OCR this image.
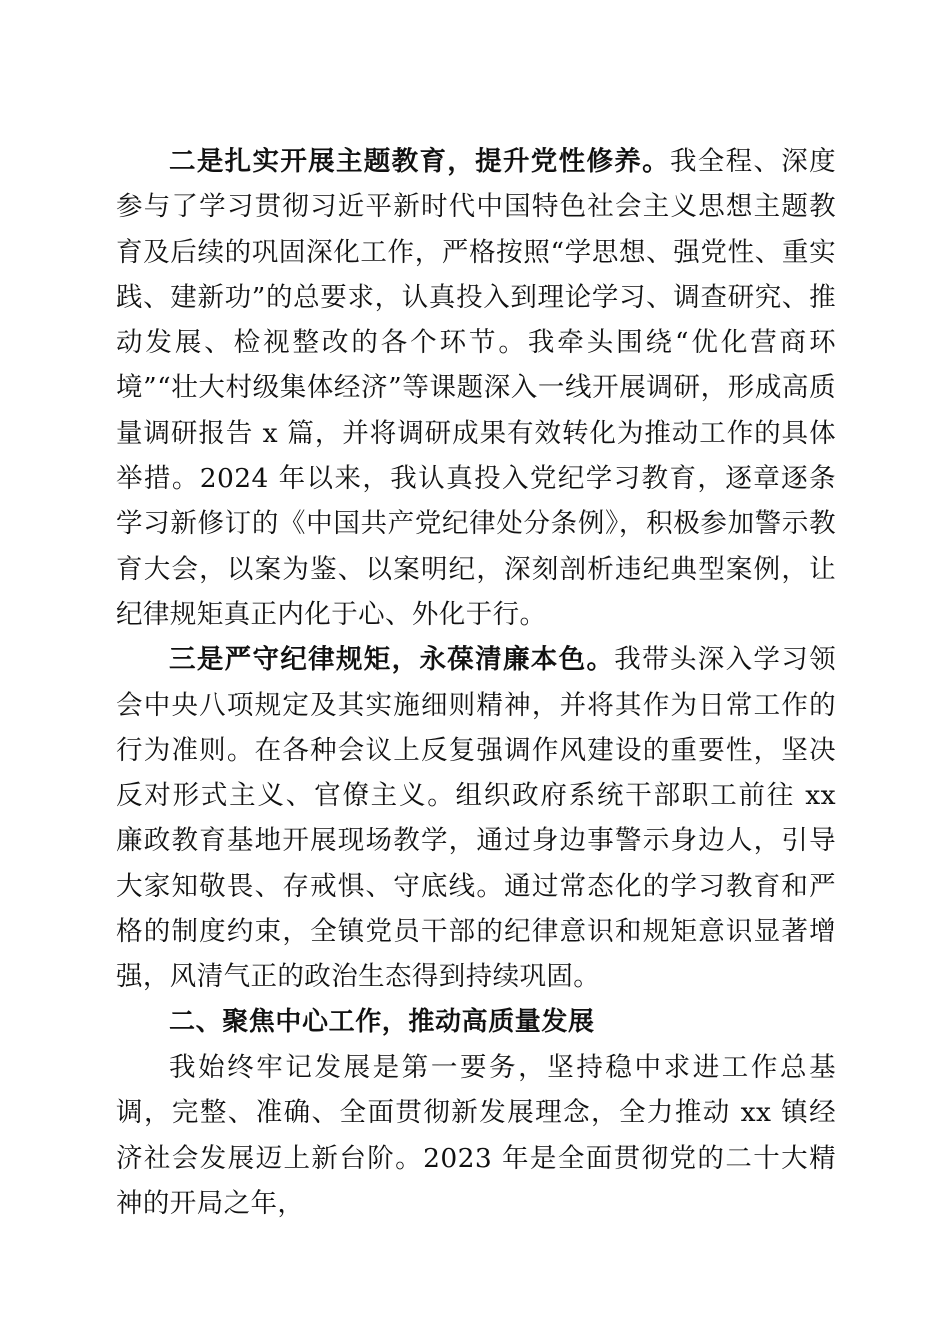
二是扎实开展主题教育，提升党性修养。我全程、深度参与了学习贯彻习近平新时代中国特色社会主义思想主题教育及后续的巩固深化工作，严格按照“学思想、强党性、重实践、建新功”的总要求，认真投入到理论学习、调查研究、推动发展、检视整改的各个环节。我牵头围绕“优化营商环境”“壮大村级集体经济”等课题深入一线开展调研，形成高质量调研报告 x 篇，并将调研成果有效转化为推动工作的具体举措。2024 年以来，我认真投入党纪学习教育，逐章逐条学习新修订的《中国共产党纪律处分条例》，积极参加警示教育大会，以案为鉴、以案明纪，深刻剖析违纪典型案例，让纪律规矩真正内化于心、外化于行。

三是严守纪律规矩，永葆清廉本色。我带头深入学习领会中央八项规定及其实施细则精神，并将其作为日常工作的行为准则。在各种会议上反复强调作风建设的重要性，坚决反对形式主义、官僚主义。组织政府系统干部职工前往 xx 廉政教育基地开展现场教学，通过身边事警示身边人，引导大家知敬畏、存戒惧、守底线。通过常态化的学习教育和严格的制度约束，全镇党员干部的纪律意识和规矩意识显著增强，风清气正的政治生态得到持续巩固。

二、聚焦中心工作，推动高质量发展

我始终牢记发展是第一要务，坚持稳中求进工作总基调，完整、准确、全面贯彻新发展理念，全力推动 xx 镇经济社会发展迈上新台阶。2023 年是全面贯彻党的二十大精神的开局之年，
